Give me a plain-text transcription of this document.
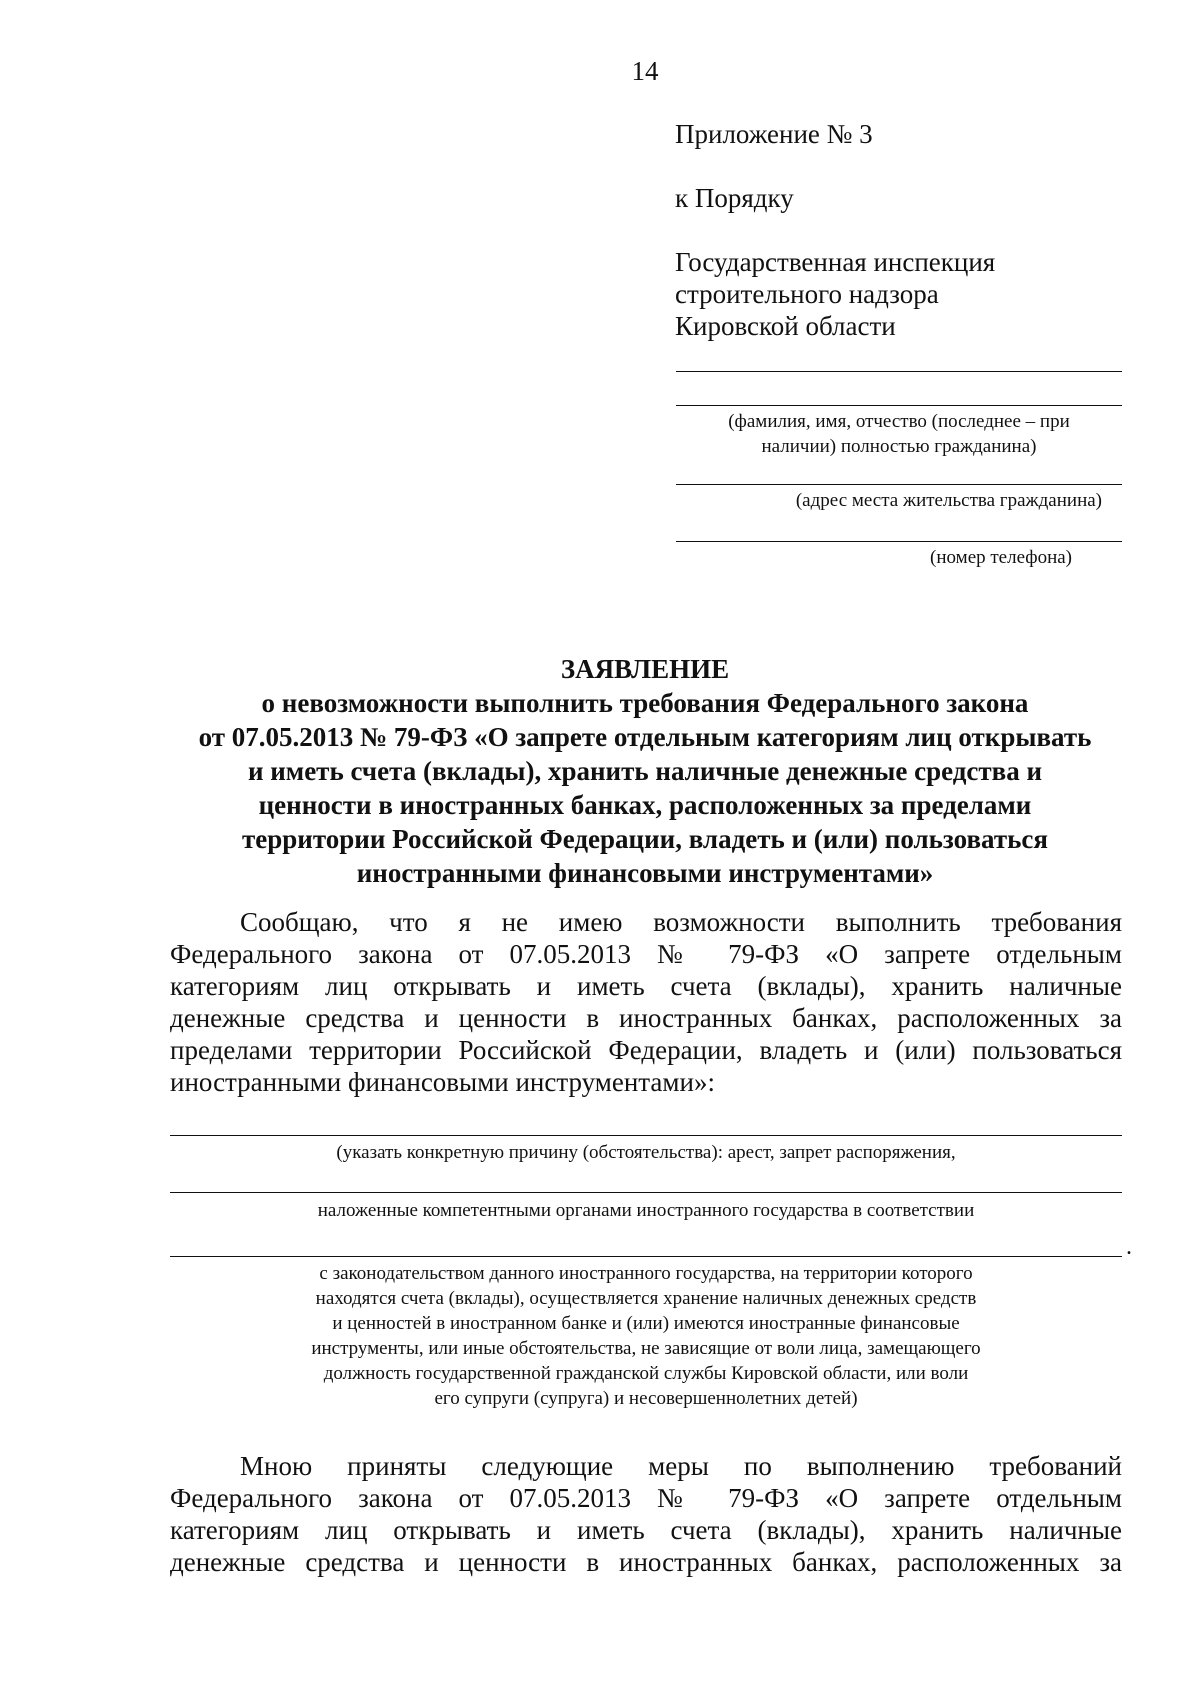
14
Приложение № 3
к Порядку
Государственная инспекция
строительного надзора
Кировской области
(фамилия, имя, отчество (последнее – при
наличии) полностью гражданина)
(адрес места жительства гражданина)
(номер телефона)
ЗАЯВЛЕНИЕ
о невозможности выполнить требования Федерального закона
от 07.05.2013 № 79-ФЗ «О запрете отдельным категориям лиц открывать
и иметь счета (вклады), хранить наличные денежные средства и
ценности в иностранных банках, расположенных за пределами
территории Российской Федерации, владеть и (или) пользоваться
иностранными финансовыми инструментами»
Сообщаю, что я не имею возможности выполнить требования
Федерального закона от 07.05.2013 № 79-ФЗ «О запрете отдельным
категориям лиц открывать и иметь счета (вклады), хранить наличные
денежные средства и ценности в иностранных банках, расположенных за
пределами территории Российской Федерации, владеть и (или) пользоваться
иностранными финансовыми инструментами»:
(указать конкретную причину (обстоятельства): арест, запрет распоряжения,
наложенные компетентными органами иностранного государства в соответствии
.
с законодательством данного иностранного государства, на территории которого
находятся счета (вклады), осуществляется хранение наличных денежных средств
и ценностей в иностранном банке и (или) имеются иностранные финансовые
инструменты, или иные обстоятельства, не зависящие от воли лица, замещающего
должность государственной гражданской службы Кировской области, или воли
его супруги (супруга) и несовершеннолетних детей)
Мною приняты следующие меры по выполнению требований
Федерального закона от 07.05.2013 № 79-ФЗ «О запрете отдельным
категориям лиц открывать и иметь счета (вклады), хранить наличные
денежные средства и ценности в иностранных банках, расположенных за
